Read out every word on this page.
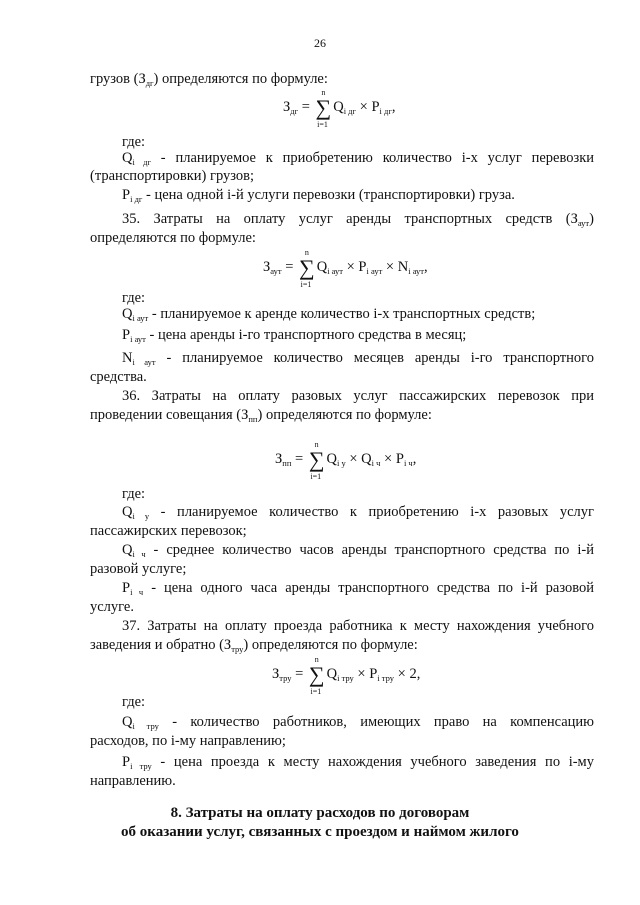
26
грузов $(З_{дг})$ определяются по формуле:
$З_{дг}$ = ∑
n
i=1
$Q_{i дг} \times P_{i дг}$,
где:
$Q_{i дг}$ - планируемое к приобретению количество i-х услуг перевозки
(транспортировки) грузов;
$P_{i дг}$ - цена одной i-й услуги перевозки (транспортировки) груза.
35. Затраты на оплату услуг аренды транспортных средств $(З_{аут})$
определяются по формуле:
$З_{аут}$ = ∑
n
i=1
$Q_{i аут} \times P_{i аут} \times N_{i аут}$,
где:
$Q_{i аут}$ - планируемое к аренде количество i-х транспортных средств;
$P_{i аут}$ - цена аренды i-го транспортного средства в месяц;
$N_{i аут}$ - планируемое количество месяцев аренды i-го транспортного
средства.
36. Затраты на оплату разовых услуг пассажирских перевозок при
проведении совещания $(З_{пп})$ определяются по формуле:
$З_{пп}$ = ∑
n
i=1
$Q_{i у} \times Q_{i ч} \times P_{i ч}$,
где:
$Q_{i у}$ - планируемое количество к приобретению i-х разовых услуг
пассажирских перевозок;
$Q_{i ч}$ - среднее количество часов аренды транспортного средства по i-й
разовой услуге;
$P_{i ч}$ - цена одного часа аренды транспортного средства по i-й разовой
услуге.
37. Затраты на оплату проезда работника к месту нахождения учебного
заведения и обратно $(З_{тру})$ определяются по формуле:
$З_{тру}$ = ∑
n
i=1
$Q_{i тру} \times P_{i тру} \times 2$,
где:
$Q_{i тру}$ - количество работников, имеющих право на компенсацию
расходов, по i-му направлению;
$P_{i тру}$ - цена проезда к месту нахождения учебного заведения по i-му
направлению.
8. Затраты на оплату расходов по договорам
об оказании услуг, связанных с проездом и наймом жилого
